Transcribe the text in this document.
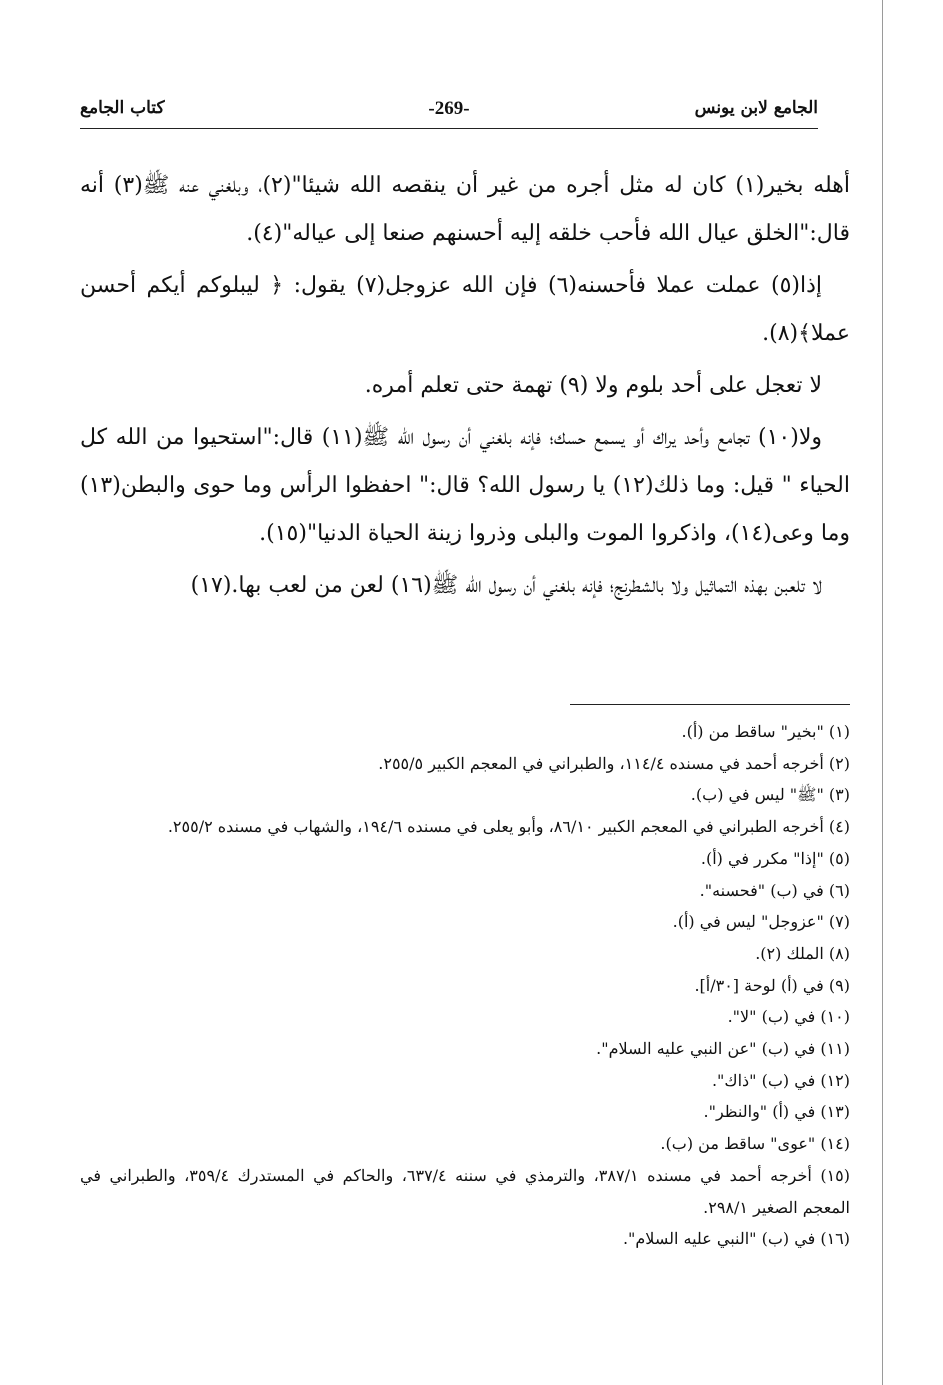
الجامع لابن يونس
-269-
كتاب الجامع

أهله بخير(١) كان له مثل أجره من غير أن ينقصه الله شيئا"(٢)، وبلغني عنه ﷺ(٣) أنه قال:"الخلق عيال الله فأحب خلقه إليه أحسنهم صنعا إلى عياله"(٤).

إذا(٥) عملت عملا فأحسنه(٦) فإن الله عزوجل(٧) يقول: ﴿ ليبلوكم أيكم أحسن عملا﴾(٨).

لا تعجل على أحد بلوم ولا (٩) تهمة حتى تعلم أمره.

ولا(١٠) تجامع وأحد يراك أو يسمع حسك؛ فإنه بلغني أن رسول الله ﷺ(١١) قال:"استحيوا من الله كل الحياء " قيل: وما ذلك(١٢) يا رسول الله؟ قال:" احفظوا الرأس وما حوى والبطن(١٣) وما وعى(١٤)، واذكروا الموت والبلى وذروا زينة الحياة الدنيا"(١٥).

لا تلعبن بهذه التماثيل ولا بالشطرنج؛ فإنه بلغني أن رسول الله ﷺ(١٦) لعن من لعب بها.(١٧)

(١) "بخير" ساقط من (أ).
(٢) أخرجه أحمد في مسنده ١١٤/٤، والطبراني في المعجم الكبير ٢٥٥/٥.
(٣) "ﷺ" ليس في (ب).
(٤) أخرجه الطبراني في المعجم الكبير ٨٦/١٠، وأبو يعلى في مسنده ١٩٤/٦، والشهاب في مسنده ٢٥٥/٢.
(٥) "إذا" مكرر في (أ).
(٦) في (ب) "فحسنه".
(٧) "عزوجل" ليس في (أ).
(٨) الملك (٢).
(٩) في (أ) لوحة [٣٠/أ].
(١٠) في (ب) "لا".
(١١) في (ب) "عن النبي عليه السلام".
(١٢) في (ب) "ذاك".
(١٣) في (أ) "والنظر".
(١٤) "عوى" ساقط من (ب).
(١٥) أخرجه أحمد في مسنده ٣٨٧/١، والترمذي في سننه ٦٣٧/٤، والحاكم في المستدرك ٣٥٩/٤، والطبراني في المعجم الصغير ٢٩٨/١.
(١٦) في (ب) "النبي عليه السلام".
